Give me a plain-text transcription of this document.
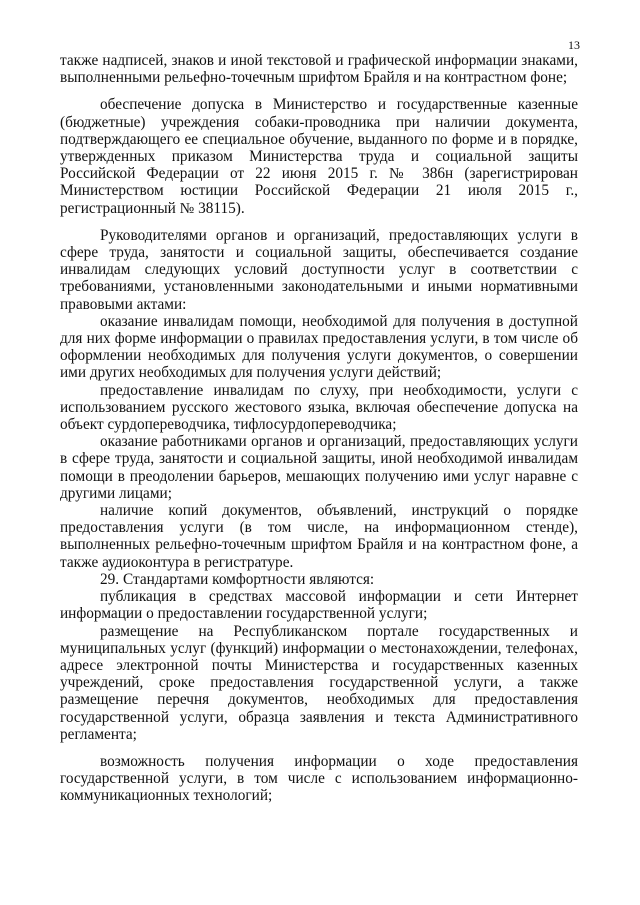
13

также надписей, знаков и иной текстовой и графической информации знаками, выполненными рельефно-точечным шрифтом Брайля и на контрастном фоне;

обеспечение допуска в Министерство и государственные казенные (бюджетные) учреждения собаки-проводника при наличии документа, подтверждающего ее специальное обучение, выданного по форме и в порядке, утвержденных приказом Министерства труда и социальной защиты Российской Федерации от 22 июня 2015 г. № 386н (зарегистрирован Министерством юстиции Российской Федерации 21 июля 2015 г., регистрационный № 38115).

Руководителями органов и организаций, предоставляющих услуги в сфере труда, занятости и социальной защиты, обеспечивается создание инвалидам следующих условий доступности услуг в соответствии с требованиями, установленными законодательными и иными нормативными правовыми актами:

оказание инвалидам помощи, необходимой для получения в доступной для них форме информации о правилах предоставления услуги, в том числе об оформлении необходимых для получения услуги документов, о совершении ими других необходимых для получения услуги действий;

предоставление инвалидам по слуху, при необходимости, услуги с использованием русского жестового языка, включая обеспечение допуска на объект сурдопереводчика, тифлосурдопереводчика;

оказание работниками органов и организаций, предоставляющих услуги в сфере труда, занятости и социальной защиты, иной необходимой инвалидам помощи в преодолении барьеров, мешающих получению ими услуг наравне с другими лицами;

наличие копий документов, объявлений, инструкций о порядке предоставления услуги (в том числе, на информационном стенде), выполненных рельефно-точечным шрифтом Брайля и на контрастном фоне, а также аудиоконтура в регистратуре.

29. Стандартами комфортности являются:

публикация в средствах массовой информации и сети Интернет информации о предоставлении государственной услуги;

размещение на Республиканском портале государственных и муниципальных услуг (функций) информации о местонахождении, телефонах, адресе электронной почты Министерства и государственных казенных учреждений, сроке предоставления государственной услуги, а также размещение перечня документов, необходимых для предоставления государственной услуги, образца заявления и текста Административного регламента;

возможность получения информации о ходе предоставления государственной услуги, в том числе с использованием информационно-коммуникационных технологий;
